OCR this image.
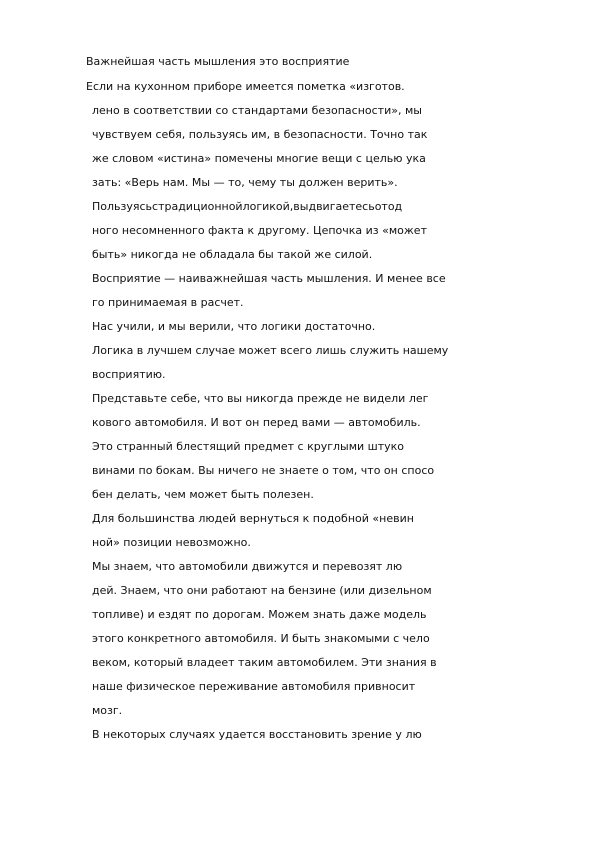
Важнейшая часть мышления это восприятие
Если на кухонном приборе имеется пометка «изготов.
лено в соответствии со стандартами безопасности», мы
чувствуем себя, пользуясь им, в безопасности. Точно так
же словом «истина» помечены многие вещи с целью ука
зать: «Верь нам. Мы — то, чему ты должен верить».
Пользуясьстрадиционнойлогикой,выдвигаетесьотод
ного несомненного факта к другому. Цепочка из «может
быть» никогда не обладала бы такой же силой.
Восприятие — наиважнейшая часть мышления. И менее все
го принимаемая в расчет.
Нас учили, и мы верили, что логики достаточно.
Логика в лучшем случае может всего лишь служить нашему
восприятию.
Представьте себе, что вы никогда прежде не видели лег
кового автомобиля. И вот он перед вами — автомобиль.
Это странный блестящий предмет с круглыми штуко
винами по бокам. Вы ничего не знаете о том, что он спосо
бен делать, чем может быть полезен.
Для большинства людей вернуться к подобной «невин
ной» позиции невозможно.
Мы знаем, что автомобили движутся и перевозят лю
дей. Знаем, что они работают на бензине (или дизельном
топливе) и ездят по дорогам. Можем знать даже модель
этого конкретного автомобиля. И быть знакомыми с чело
веком, который владеет таким автомобилем. Эти знания в
наше физическое переживание автомобиля привносит
мозг.
В некоторых случаях удается восстановить зрение у лю
